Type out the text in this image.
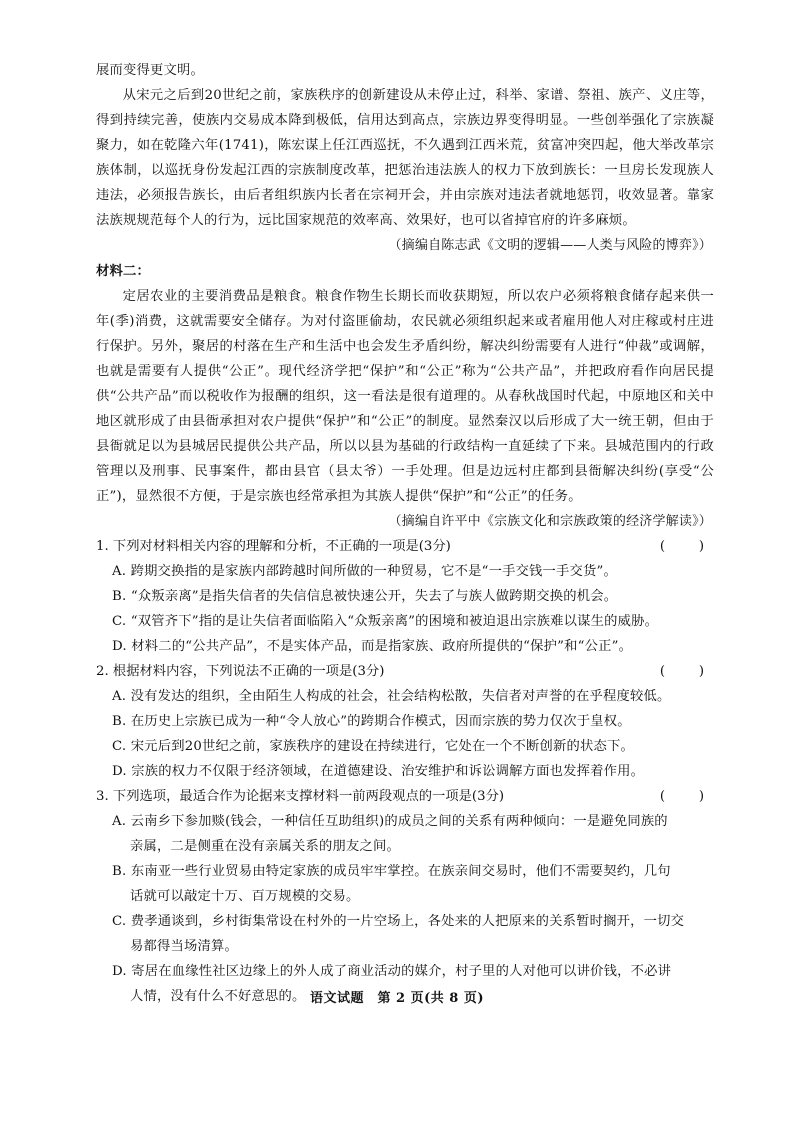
展而变得更文明。

从宋元之后到20世纪之前，家族秩序的创新建设从未停止过，科举、家谱、祭祖、族产、义庄等，得到持续完善，使族内交易成本降到极低，信用达到高点，宗族边界变得明显。一些创举强化了宗族凝聚力，如在乾隆六年(1741)，陈宏谋上任江西巡抚，不久遇到江西米荒，贫富冲突四起，他大举改革宗族体制，以巡抚身份发起江西的宗族制度改革，把惩治违法族人的权力下放到族长：一旦房长发现族人违法，必须报告族长，由后者组织族内长者在宗祠开会，并由宗族对违法者就地惩罚，收效显著。靠家法族规规范每个人的行为，远比国家规范的效率高、效果好，也可以省掉官府的许多麻烦。

（摘编自陈志武《文明的逻辑——人类与风险的博弈》）

材料二：

定居农业的主要消费品是粮食。粮食作物生长期长而收获期短，所以农户必须将粮食储存起来供一年(季)消费，这就需要安全储存。为对付盗匪偷劫，农民就必须组织起来或者雇用他人对庄稼或村庄进行保护。另外，聚居的村落在生产和生活中也会发生矛盾纠纷，解决纠纷需要有人进行“仲裁”或调解，也就是需要有人提供“公正”。现代经济学把“保护”和“公正”称为“公共产品”，并把政府看作向居民提供“公共产品”而以税收作为报酬的组织，这一看法是很有道理的。从春秋战国时代起，中原地区和关中地区就形成了由县衙承担对农户提供“保护”和“公正”的制度。显然秦汉以后形成了大一统王朝，但由于县衙就足以为县城居民提供公共产品，所以以县为基础的行政结构一直延续了下来。县城范围内的行政管理以及刑事、民事案件，都由县官（县太爷）一手处理。但是边远村庄都到县衙解决纠纷(享受“公正”)，显然很不方便，于是宗族也经常承担为其族人提供“保护”和“公正”的任务。

（摘编自许平中《宗族文化和宗族政策的经济学解读》）

1. 下列对材料相关内容的理解和分析，不正确的一项是(3分)	(        )

A. 跨期交换指的是家族内部跨越时间所做的一种贸易，它不是“一手交钱一手交货”。

B. “众叛亲离”是指失信者的失信信息被快速公开，失去了与族人做跨期交换的机会。

C. “双管齐下”指的是让失信者面临陷入“众叛亲离”的困境和被迫退出宗族难以谋生的威胁。

D. 材料二的“公共产品”，不是实体产品，而是指家族、政府所提供的“保护”和“公正”。

2. 根据材料内容，下列说法不正确的一项是(3分)	(        )

A. 没有发达的组织，全由陌生人构成的社会，社会结构松散，失信者对声誉的在乎程度较低。

B. 在历史上宗族已成为一种“令人放心”的跨期合作模式，因而宗族的势力仅次于皇权。

C. 宋元后到20世纪之前，家族秩序的建设在持续进行，它处在一个不断创新的状态下。

D. 宗族的权力不仅限于经济领域，在道德建设、治安维护和诉讼调解方面也发挥着作用。

3. 下列选项，最适合作为论据来支撑材料一前两段观点的一项是(3分)	(        )

A. 云南乡下参加赕(钱会，一种信任互助组织)的成员之间的关系有两种倾向：一是避免同族的

亲属，二是侧重在没有亲属关系的朋友之间。

B. 东南亚一些行业贸易由特定家族的成员牢牢掌控。在族亲间交易时，他们不需要契约，几句

话就可以敲定十万、百万规模的交易。

C. 费孝通谈到，乡村街集常设在村外的一片空场上，各处来的人把原来的关系暂时搁开，一切交

易都得当场清算。

D. 寄居在血缘性社区边缘上的外人成了商业活动的媒介，村子里的人对他可以讲价钱，不必讲

人情，没有什么不好意思的。 语文试题　第 2 页(共 8 页)
